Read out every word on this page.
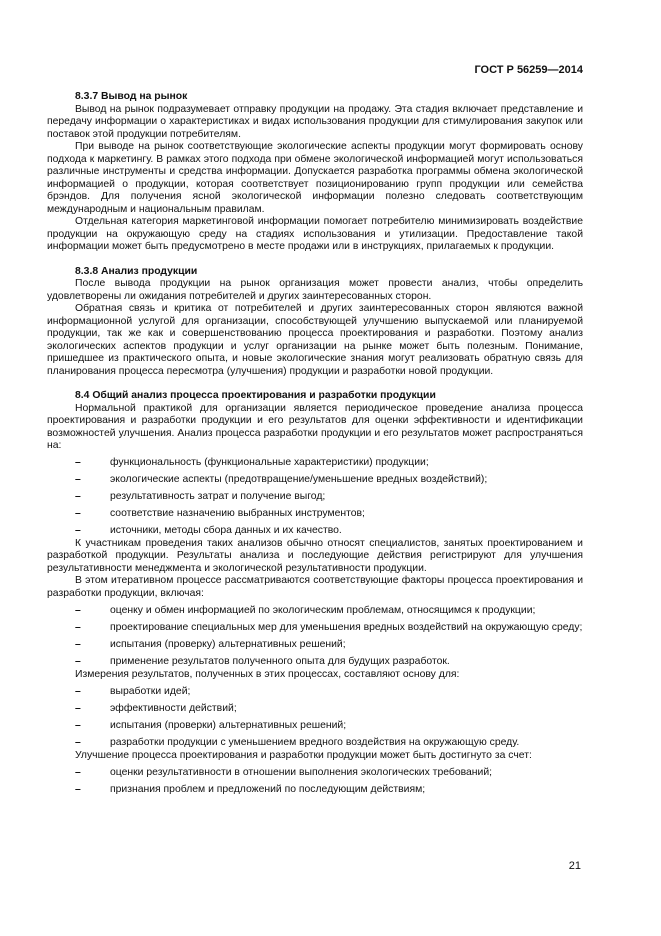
ГОСТ Р 56259—2014

8.3.7 Вывод на рынок

Вывод на рынок подразумевает отправку продукции на продажу. Эта стадия включает представление и передачу информации о характеристиках и видах использования продукции для стимулирования закупок или поставок этой продукции потребителям.

При выводе на рынок соответствующие экологические аспекты продукции могут формировать основу подхода к маркетингу. В рамках этого подхода при обмене экологической информацией могут использоваться различные инструменты и средства информации. Допускается разработка программы обмена экологической информацией о продукции, которая соответствует позиционированию групп продукции или семейства брэндов. Для получения ясной экологической информации полезно следовать соответствующим международным и национальным правилам.

Отдельная категория маркетинговой информации помогает потребителю минимизировать воздействие продукции на окружающую среду на стадиях использования и утилизации. Предоставление такой информации может быть предусмотрено в месте продажи или в инструкциях, прилагаемых к продукции.

8.3.8 Анализ продукции

После вывода продукции на рынок организация может провести анализ, чтобы определить удовлетворены ли ожидания потребителей и других заинтересованных сторон.

Обратная связь и критика от потребителей и других заинтересованных сторон являются важной информационной услугой для организации, способствующей улучшению выпускаемой или планируемой продукции, так же как и совершенствованию процесса проектирования и разработки. Поэтому анализ экологических аспектов продукции и услуг организации на рынке может быть полезным. Понимание, пришедшее из практического опыта, и новые экологические знания могут реализовать обратную связь для планирования процесса пересмотра (улучшения) продукции и разработки новой продукции.

8.4 Общий анализ процесса проектирования и разработки продукции

Нормальной практикой для организации является периодическое проведение анализа процесса проектирования и разработки продукции и его результатов для оценки эффективности и идентификации возможностей улучшения. Анализ процесса разработки продукции и его результатов может распространяться на:

–	функциональность (функциональные характеристики) продукции;

–	экологические аспекты (предотвращение/уменьшение вредных воздействий);

–	результативность затрат и получение выгод;

–	соответствие назначению выбранных инструментов;

–	источники, методы сбора данных и их качество.

К участникам проведения таких анализов обычно относят специалистов, занятых проектированием и разработкой продукции. Результаты анализа и последующие действия регистрируют для улучшения результативности менеджмента и экологической результативности продукции.

В этом итеративном процессе рассматриваются соответствующие факторы процесса проектирования и разработки продукции, включая:

–	оценку и обмен информацией по экологическим проблемам, относящимся к продукции;

–	проектирование специальных мер для уменьшения вредных воздействий на окружающую среду;

–	испытания (проверку) альтернативных решений;

–	применение результатов полученного опыта для будущих разработок.

Измерения результатов, полученных в этих процессах, составляют основу для:

–	выработки идей;

–	эффективности действий;

–	испытания (проверки) альтернативных решений;

–	разработки продукции с уменьшением вредного воздействия на окружающую среду.

Улучшение процесса проектирования и разработки продукции может быть достигнуто за счет:

–	оценки результативности в отношении выполнения экологических требований;

–	признания проблем и предложений по последующим действиям;

21
